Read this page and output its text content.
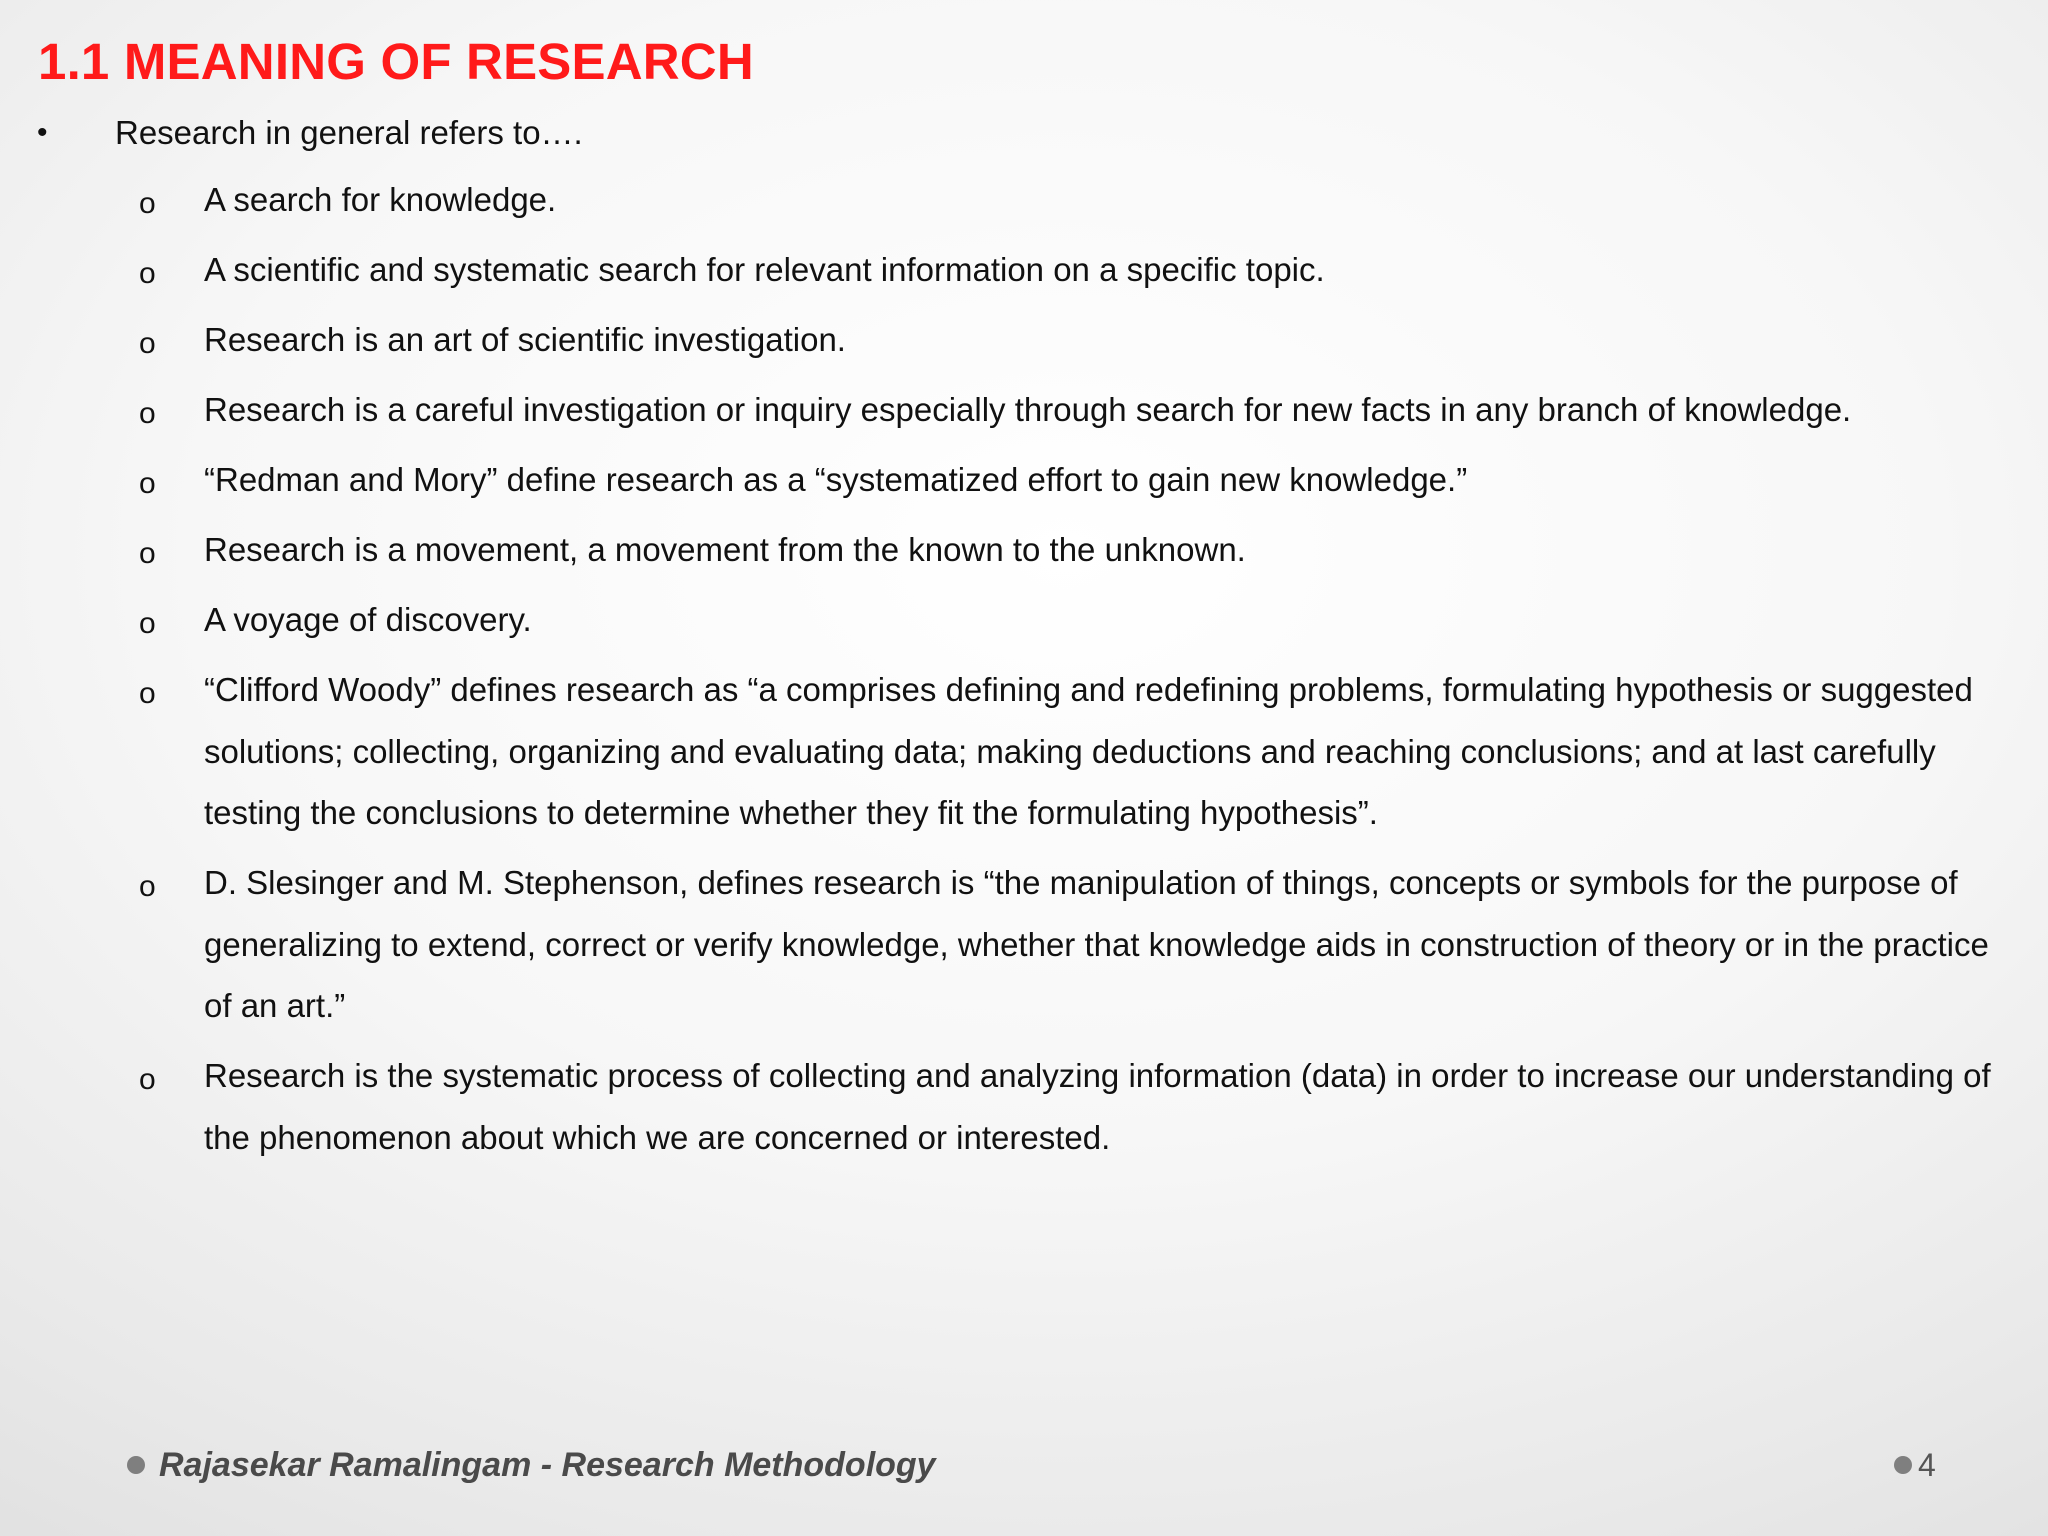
1.1 MEANING OF RESEARCH
• Research in general refers to….
o A search for knowledge.
o A scientific and systematic search for relevant information on a specific topic.
o Research is an art of scientific investigation.
o Research is a careful investigation or inquiry especially through search for new facts in any branch of knowledge.
o “Redman and Mory” define research as a “systematized effort to gain new knowledge.”
o Research is a movement, a movement from the known to the unknown.
o A voyage of discovery.
o “Clifford Woody” defines research as “a comprises defining and redefining problems, formulating hypothesis or suggested solutions; collecting, organizing and evaluating data; making deductions and reaching conclusions; and at last carefully testing the conclusions to determine whether they fit the formulating hypothesis”.
o D. Slesinger and M. Stephenson, defines research is “the manipulation of things, concepts or symbols for the purpose of generalizing to extend, correct or verify knowledge, whether that knowledge aids in construction of theory or in the practice of an art.”
o Research is the systematic process of collecting and analyzing information (data) in order to increase our understanding of the phenomenon about which we are concerned or interested.
Rajasekar Ramalingam - Research Methodology	4
